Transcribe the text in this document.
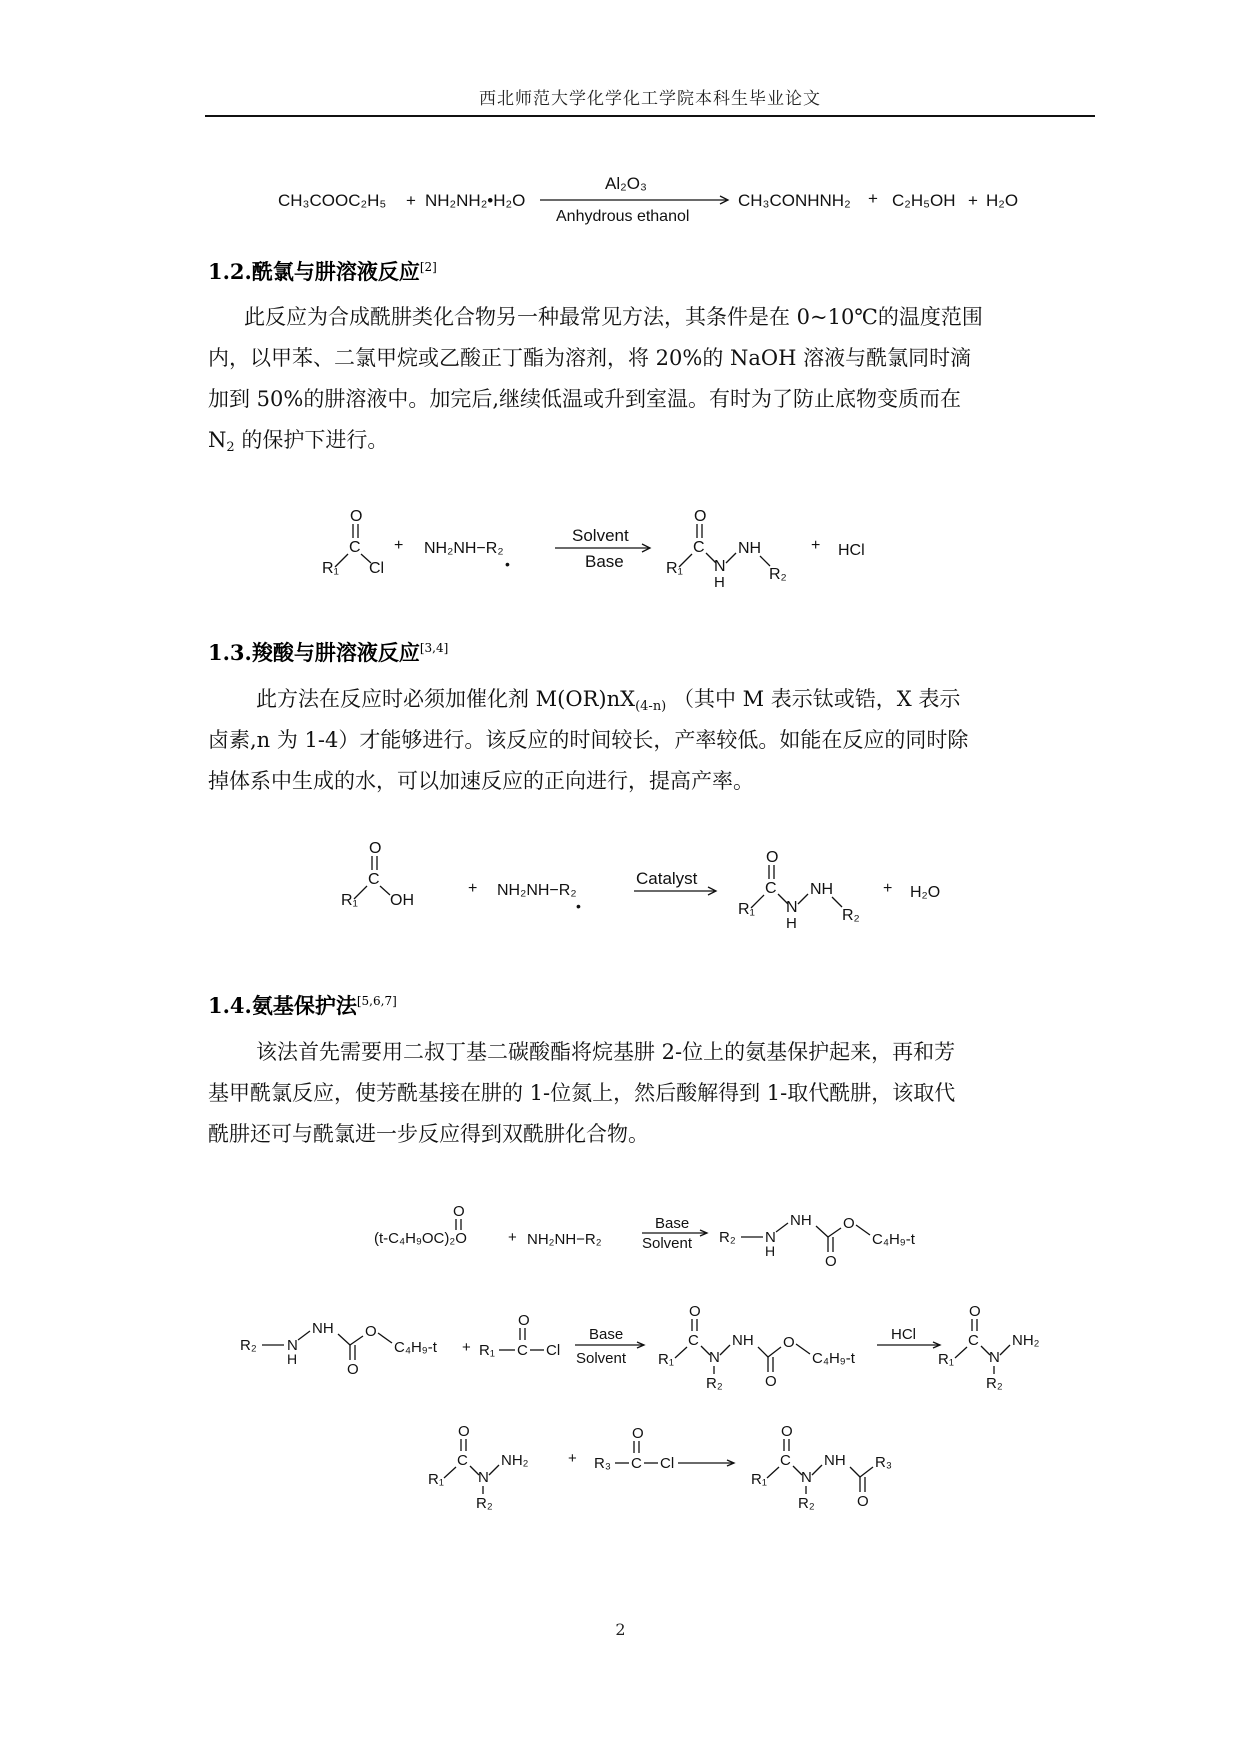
西北师范大学化学化工学院本科生毕业论文
CH₃COOC₂H₅ + NH₂NH₂•H₂O
Al₂O₃
Anhydrous ethanol
CH₃CONHNH₂ + C₂H₅OH + H₂O
1.2.酰氯与肼溶液反应[2]
此反应为合成酰肼类化合物另一种最常见方法，其条件是在 0~10℃的温度范围
内，以甲苯、二氯甲烷或乙酸正丁酯为溶剂，将 20%的 NaOH 溶液与酰氯同时滴
加到 50%的肼溶液中。加完后,继续低温或升到室温。有时为了防止底物变质而在
$N_2$ 的保护下进行。
O
C
R₁ Cl
+ NH₂NH−R₂
•
Solvent
Base
O
C
R₁ N
H
NH
R₂
+ HCl
1.3.羧酸与肼溶液反应[3,4]
此方法在反应时必须加催化剂 $M(OR)nX_{(4-n)}$ （其中 M 表示钛或锆，X 表示
卤素,n 为 1-4）才能够进行。该反应的时间较长，产率较低。如能在反应的同时除
掉体系中生成的水，可以加速反应的正向进行，提高产率。
O
C
R₁ OH
+ NH₂NH−R₂
•
Catalyst
O
C
R₁ N
H
NH
R₂
+ H₂O
1.4.氨基保护法[5,6,7]
该法首先需要用二叔丁基二碳酸酯将烷基肼 2-位上的氨基保护起来，再和芳
基甲酰氯反应，使芳酰基接在肼的 1-位氮上，然后酸解得到 1-取代酰肼，该取代
酰肼还可与酰氯进一步反应得到双酰肼化合物。
O
(t-C₄H₉OC)₂O	+ NH₂NH−R₂
Base
Solvent R₂ N
H
NH
O
O
C₄H₉-t
R₂ N
H
NH
O
O
C₄H₉-t + R₁ C
O
Cl
Base
Solvent
O
C
R₁ N
R₂
NH
O
O
C₄H₉-t
HCl
O
C
R₁ N
R₂
NH₂
O
C
R₁ N
R₂
NH₂	+ R₃ C
O
Cl
O
C
R₁ N
R₂
NH
O
R₃
2
